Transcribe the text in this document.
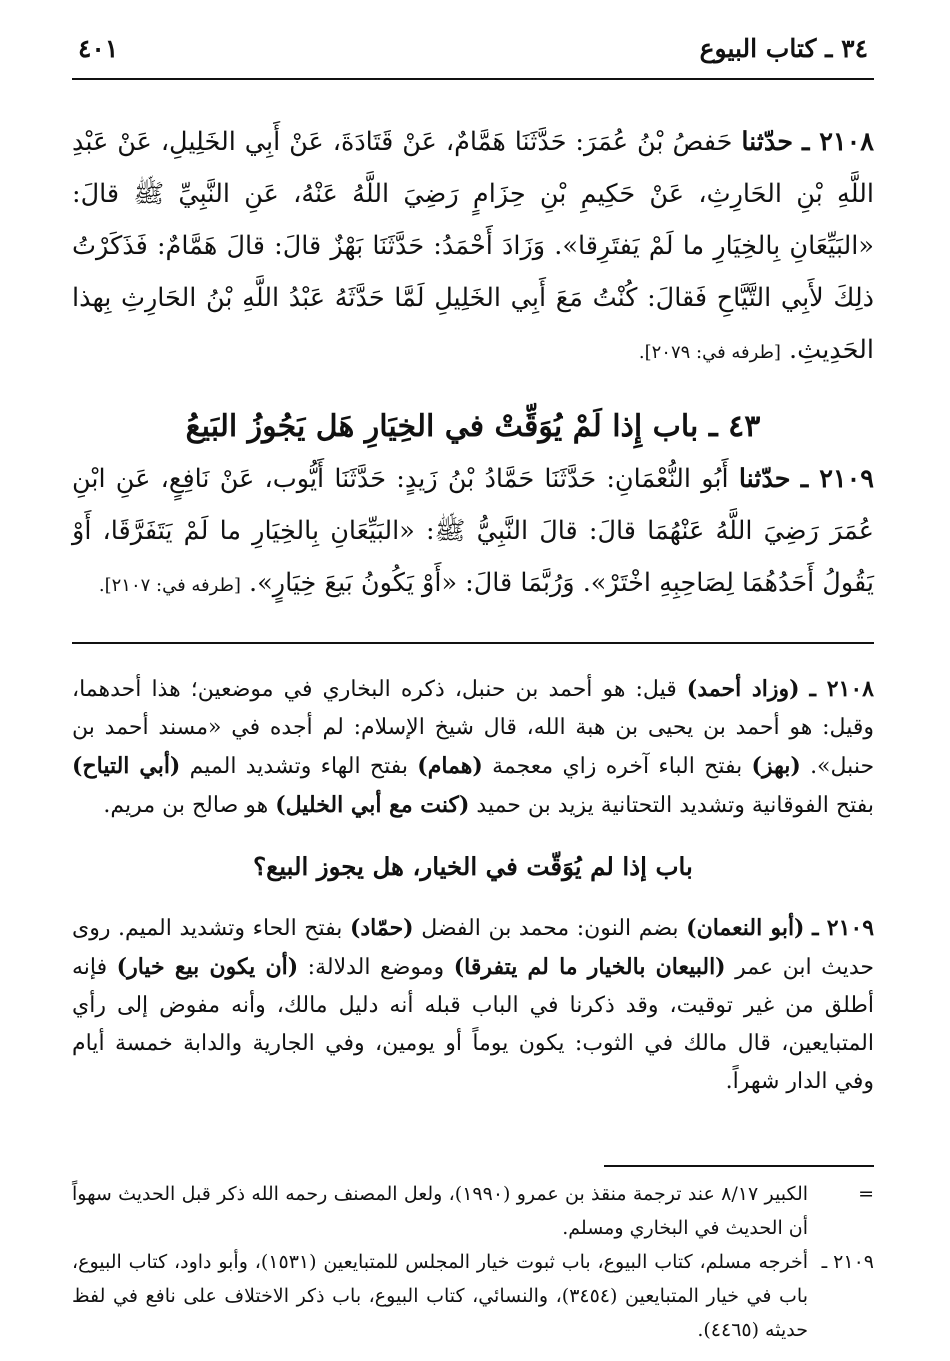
٣٤ ـ كتاب البيوع
٤٠١

٢١٠٨ ـ حدّثنا حَفصُ بْنُ عُمَرَ: حَدَّثَنَا هَمَّامٌ، عَنْ قَتَادَةَ، عَنْ أَبِي الخَلِيلِ، عَنْ عَبْدِ اللَّهِ بْنِ الحَارِثِ، عَنْ حَكِيمِ بْنِ حِزَامٍ رَضِيَ اللَّهُ عَنْهُ، عَنِ النَّبِيِّ ﷺ قالَ: «البَيِّعَانِ بِالخِيَارِ ما لَمْ يَفتَرِقا». وَزَادَ أَحْمَدُ: حَدَّثَنَا بَهْزٌ قالَ: قالَ هَمَّامٌ: فَذَكَرْتُ ذلِكَ لأَبِي التَّيَّاحِ فَقالَ: كُنْتُ مَعَ أَبِي الخَلِيلِ لَمَّا حَدَّثَهُ عَبْدُ اللَّهِ بْنُ الحَارِثِ بِهذا الحَدِيثِ. [طرفه في: ٢٠٧٩].

٤٣ ـ باب إِذا لَمْ يُوَقِّتْ في الخِيَارِ هَل يَجُوزُ البَيعُ

٢١٠٩ ـ حدّثنا أَبُو النُّعْمَانِ: حَدَّثَنَا حَمَّادُ بْنُ زَيدٍ: حَدَّثَنَا أَيُّوب، عَنْ نَافِعٍ، عَنِ ابْنِ عُمَرَ رَضِيَ اللَّهُ عَنْهُمَا قالَ: قالَ النَّبِيُّ ﷺ: «البَيِّعَانِ بِالخِيَارِ ما لَمْ يَتَفَرَّقَا، أَوْ يَقُولُ أَحَدُهُمَا لِصَاحِبِهِ اخْتَرْ». وَرُبَّمَا قالَ: «أَوْ يَكُونُ بَيعَ خِيَارٍ». [طرفه في: ٢١٠٧].

٢١٠٨ ـ (وزاد أحمد) قيل: هو أحمد بن حنبل، ذكره البخاري في موضعين؛ هذا أحدهما، وقيل: هو أحمد بن يحيى بن هبة الله، قال شيخ الإسلام: لم أجده في «مسند أحمد بن حنبل». (بهز) بفتح الباء آخره زاي معجمة (همام) بفتح الهاء وتشديد الميم (أبي التياح) بفتح الفوقانية وتشديد التحتانية يزيد بن حميد (كنت مع أبي الخليل) هو صالح بن مريم.

باب إذا لم يُوَقّت في الخيار، هل يجوز البيع؟

٢١٠٩ ـ (أبو النعمان) بضم النون: محمد بن الفضل (حمّاد) بفتح الحاء وتشديد الميم. روى حديث ابن عمر (البيعان بالخيار ما لم يتفرقا) وموضع الدلالة: (أن يكون بيع خيار) فإنه أطلق من غير توقيت، وقد ذكرنا في الباب قبله أنه دليل مالك، وأنه مفوض إلى رأي المتبايعين، قال مالك في الثوب: يكون يوماً أو يومين، وفي الجارية والدابة خمسة أيام وفي الدار شهراً.

=
الكبير ٨/١٧ عند ترجمة منقذ بن عمرو (١٩٩٠)، ولعل المصنف رحمه الله ذكر قبل الحديث سهواً أن الحديث في البخاري ومسلم.
٢١٠٩ ـ
أخرجه مسلم، كتاب البيوع، باب ثبوت خيار المجلس للمتبايعين (١٥٣١)، وأبو داود، كتاب البيوع، باب في خيار المتبايعين (٣٤٥٤)، والنسائي، كتاب البيوع، باب ذكر الاختلاف على نافع في لفظ حديثه (٤٤٦٥).
